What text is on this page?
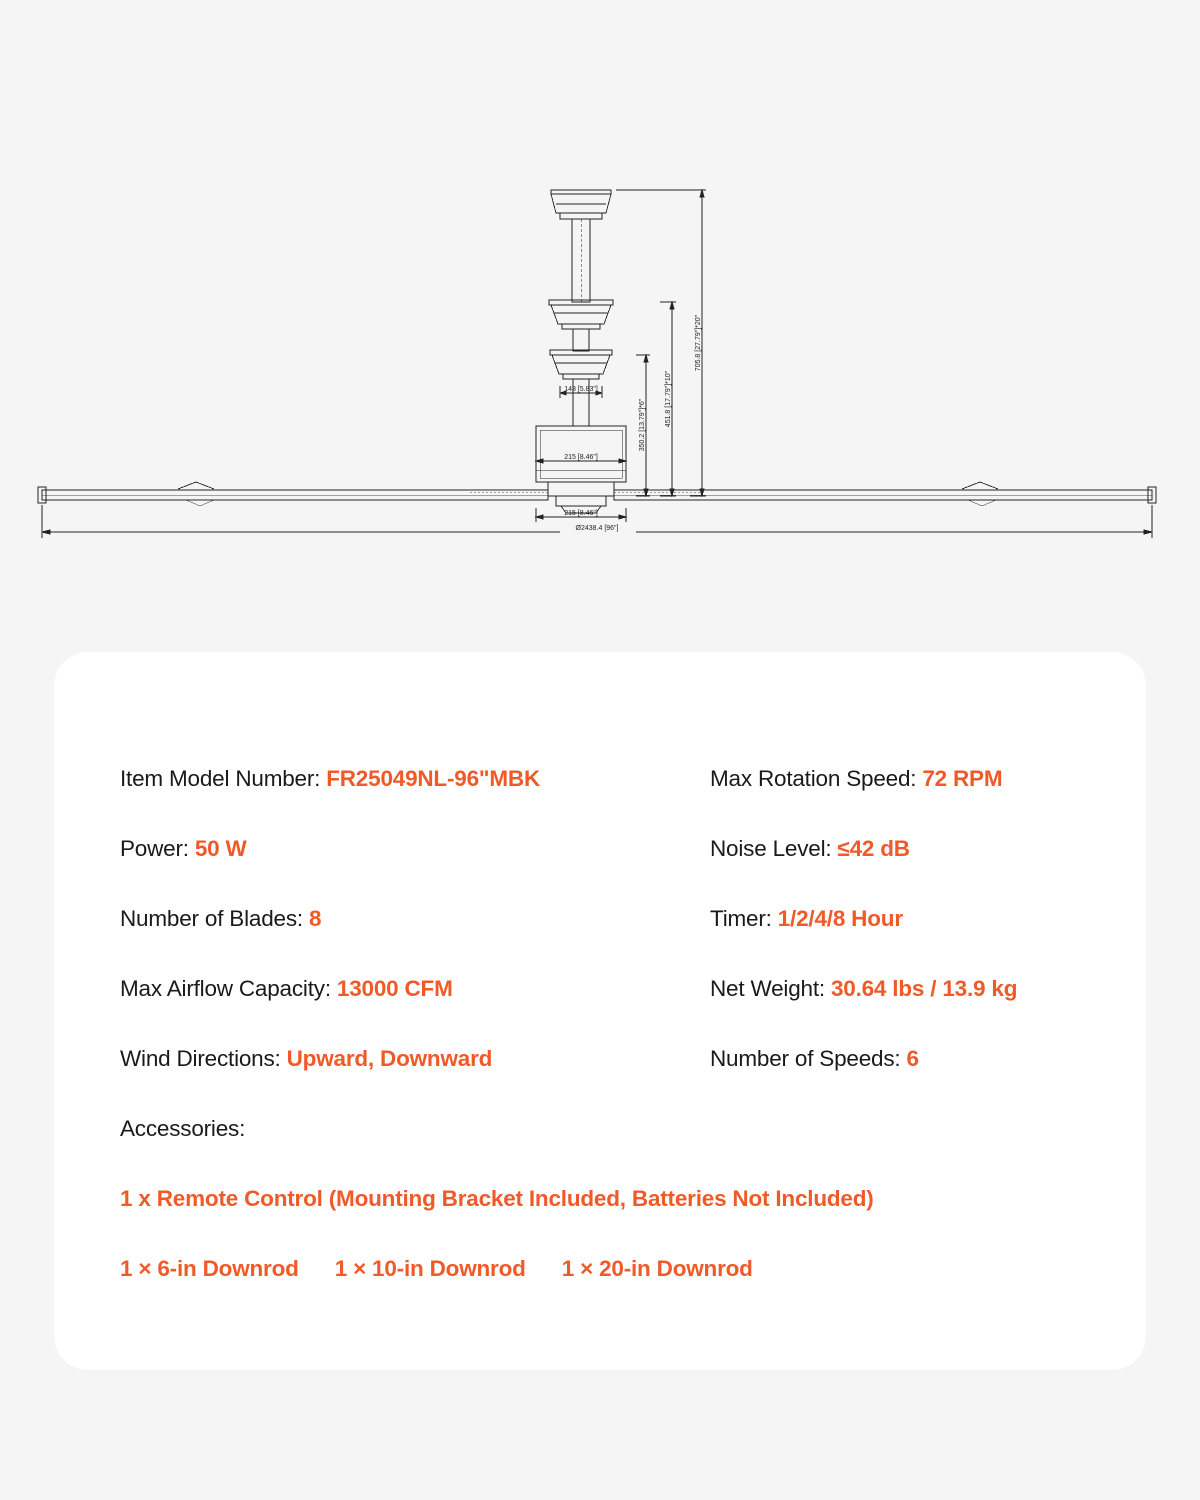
148 [5.83"]
215 [8.46"]
215 [8.46"]
Ø2438.4 [96"]
350.2 [13.79"]*6"	451.8 [17.79"]*10"
705.8 [27.79"]*20"
Item Model Number: FR25049NL-96"MBK	Max Rotation Speed: 72 RPM
Power: 50 W	Noise Level: ≤42 dB
Number of Blades: 8	Timer: 1/2/4/8 Hour
Max Airflow Capacity: 13000 CFM	Net Weight: 30.64 lbs / 13.9 kg
Wind Directions: Upward, Downward	Number of Speeds: 6
Accessories:
1 x Remote Control (Mounting Bracket Included, Batteries Not Included)
1 × 6-in Downrod 1 × 10-in Downrod 1 × 20-in Downrod
